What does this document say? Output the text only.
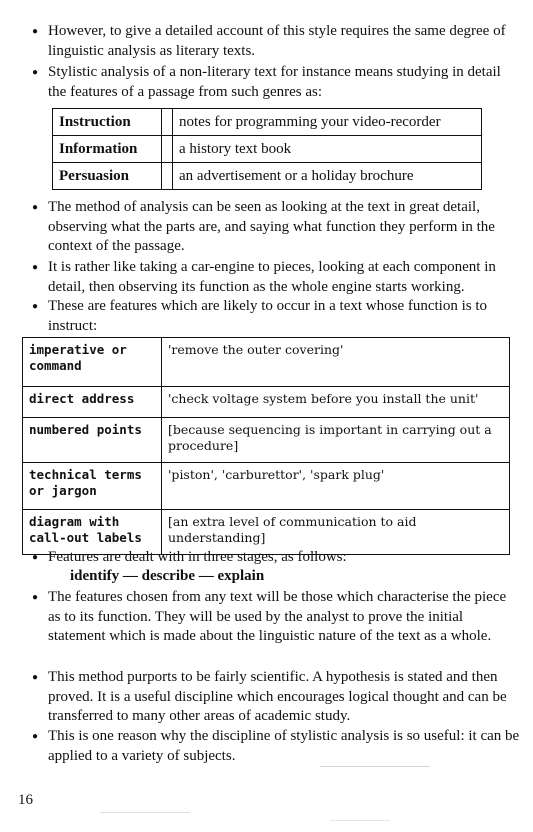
● However, to give a detailed account of this style requires the same degree of linguistic analysis as literary texts.
● Stylistic analysis of a non-literary text for instance means studying in detail the features of a passage from such genres as:
Instruction		notes for programming your video-recorder
Information		a history text book
Persuasion		an advertisement or a holiday brochure
● The method of analysis can be seen as looking at the text in great detail, observing what the parts are, and saying what function they perform in the context of the passage.
● It is rather like taking a car-engine to pieces, looking at each component in detail, then observing its function as the whole engine starts working.
● These are features which are likely to occur in a text whose function is to instruct:
imperative or command	'remove the outer covering'
direct address	'check voltage system before you install the unit'
numbered points	[because sequencing is important in carrying out a procedure]
technical terms or jargon	'piston', 'carburettor', 'spark plug'
diagram with call-out labels	[an extra level of communication to aid understanding]
● Features are dealt with in three stages, as follows:
identify — describe — explain
● The features chosen from any text will be those which characterise the piece as to its function. They will be used by the analyst to prove the initial statement which is made about the linguistic nature of the text as a whole.
● This method purports to be fairly scientific. A hypothesis is stated and then proved. It is a useful discipline which encourages logical thought and can be transferred to many other areas of academic study.
● This is one reason why the discipline of stylistic analysis is so useful: it can be applied to a variety of subjects.
16
